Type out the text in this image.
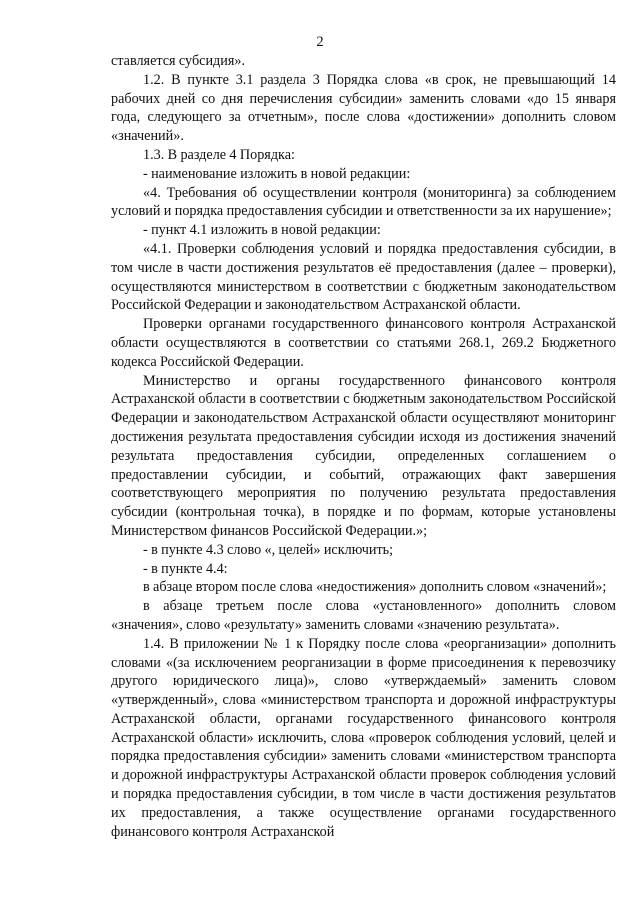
2

ставляется субсидия».

1.2. В пункте 3.1 раздела 3 Порядка слова «в срок, не превышающий 14 рабочих дней со дня перечисления субсидии» заменить словами «до 15 января года, следующего за отчетным», после слова «достижении» дополнить словом «значений».

1.3. В разделе 4 Порядка:

- наименование изложить в новой редакции:

«4. Требования об осуществлении контроля (мониторинга) за соблюдением условий и порядка предоставления субсидии и ответственности за их нарушение»;

- пункт 4.1 изложить в новой редакции:

«4.1. Проверки соблюдения условий и порядка предоставления субсидии, в том числе в части достижения результатов её предоставления (далее – проверки), осуществляются министерством в соответствии с бюджетным законодательством Российской Федерации и законодательством Астраханской области.

Проверки органами государственного финансового контроля Астраханской области осуществляются в соответствии со статьями 268.1, 269.2 Бюджетного кодекса Российской Федерации.

Министерство и органы государственного финансового контроля Астраханской области в соответствии с бюджетным законодательством Российской Федерации и законодательством Астраханской области осуществляют мониторинг достижения результата предоставления субсидии исходя из достижения значений результата предоставления субсидии, определенных соглашением о предоставлении субсидии, и событий, отражающих факт завершения соответствующего мероприятия по получению результата предоставления субсидии (контрольная точка), в порядке и по формам, которые установлены Министерством финансов Российской Федерации.»;

- в пункте 4.3 слово «, целей» исключить;

- в пункте 4.4:

в абзаце втором после слова «недостижения» дополнить словом «значений»;

в абзаце третьем после слова «установленного» дополнить словом «значения», слово «результату» заменить словами «значению результата».

1.4. В приложении № 1 к Порядку после слова «реорганизации» дополнить словами «(за исключением реорганизации в форме присоединения к перевозчику другого юридического лица)», слово «утверждаемый» заменить словом «утвержденный», слова «министерством транспорта и дорожной инфраструктуры Астраханской области, органами государственного финансового контроля Астраханской области» исключить, слова «проверок соблюдения условий, целей и порядка предоставления субсидии» заменить словами «министерством транспорта и дорожной инфраструктуры Астраханской области проверок соблюдения условий и порядка предоставления субсидии, в том числе в части достижения результатов их предоставления, а также осуществление органами государственного финансового контроля Астраханской
